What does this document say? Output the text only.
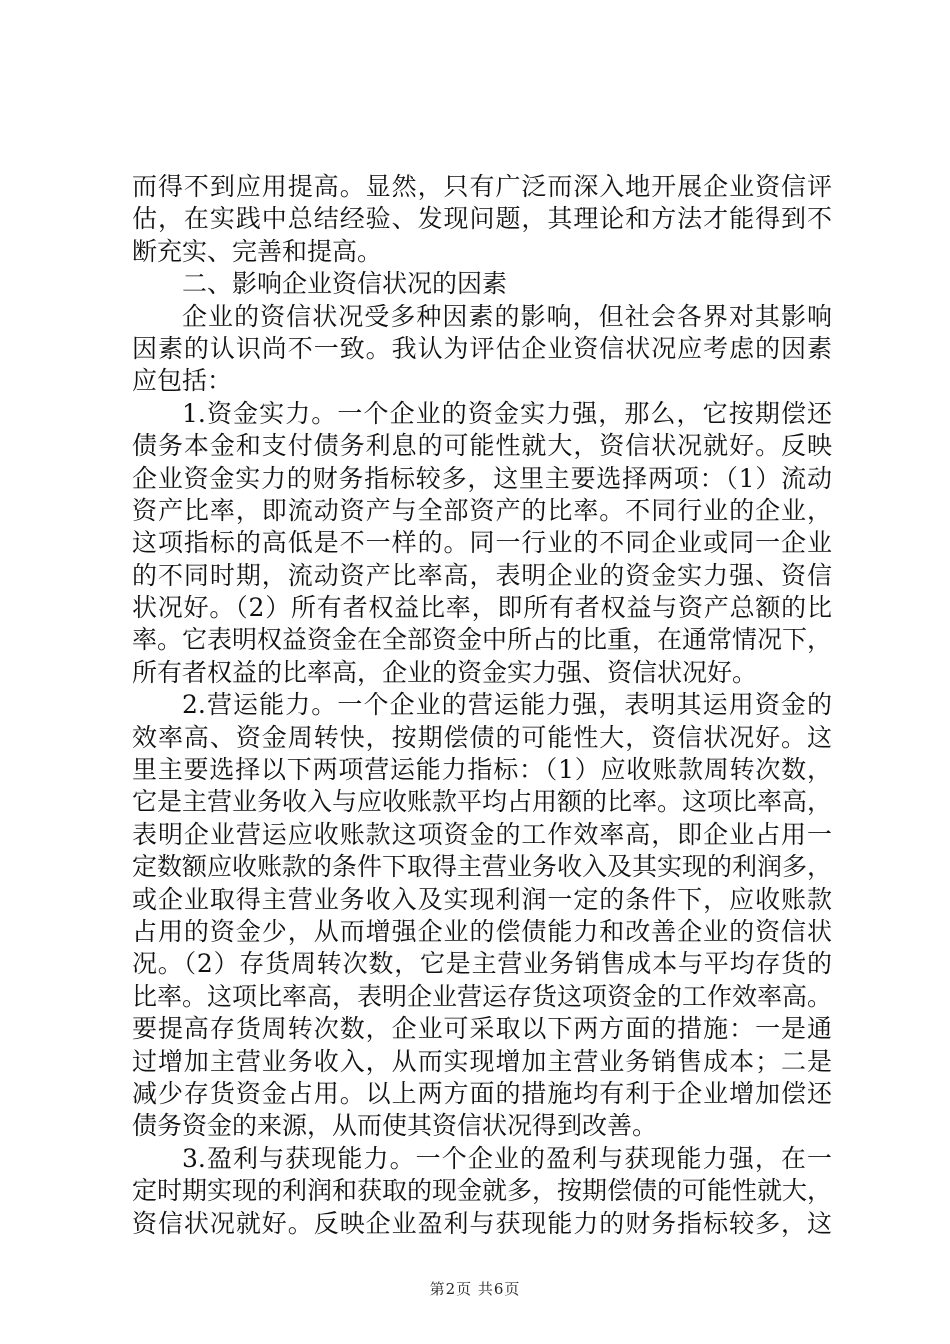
而得不到应用提高。显然，只有广泛而深入地开展企业资信评
估，在实践中总结经验、发现问题，其理论和方法才能得到不
断充实、完善和提高。
二、影响企业资信状况的因素
企业的资信状况受多种因素的影响，但社会各界对其影响
因素的认识尚不一致。我认为评估企业资信状况应考虑的因素
应包括：
1.资金实力。一个企业的资金实力强，那么，它按期偿还
债务本金和支付债务利息的可能性就大，资信状况就好。反映
企业资金实力的财务指标较多，这里主要选择两项：（1）流动
资产比率，即流动资产与全部资产的比率。不同行业的企业，
这项指标的高低是不一样的。同一行业的不同企业或同一企业
的不同时期，流动资产比率高，表明企业的资金实力强、资信
状况好。（2）所有者权益比率，即所有者权益与资产总额的比
率。它表明权益资金在全部资金中所占的比重，在通常情况下，
所有者权益的比率高，企业的资金实力强、资信状况好。
2.营运能力。一个企业的营运能力强，表明其运用资金的
效率高、资金周转快，按期偿债的可能性大，资信状况好。这
里主要选择以下两项营运能力指标：（1）应收账款周转次数，
它是主营业务收入与应收账款平均占用额的比率。这项比率高，
表明企业营运应收账款这项资金的工作效率高，即企业占用一
定数额应收账款的条件下取得主营业务收入及其实现的利润多，
或企业取得主营业务收入及实现利润一定的条件下，应收账款
占用的资金少，从而增强企业的偿债能力和改善企业的资信状
况。（2）存货周转次数，它是主营业务销售成本与平均存货的
比率。这项比率高，表明企业营运存货这项资金的工作效率高。
要提高存货周转次数，企业可采取以下两方面的措施：一是通
过增加主营业务收入，从而实现增加主营业务销售成本；二是
减少存货资金占用。以上两方面的措施均有利于企业增加偿还
债务资金的来源，从而使其资信状况得到改善。
3.盈利与获现能力。一个企业的盈利与获现能力强，在一
定时期实现的利润和获取的现金就多，按期偿债的可能性就大，
资信状况就好。反映企业盈利与获现能力的财务指标较多，这
第2页 共6页
